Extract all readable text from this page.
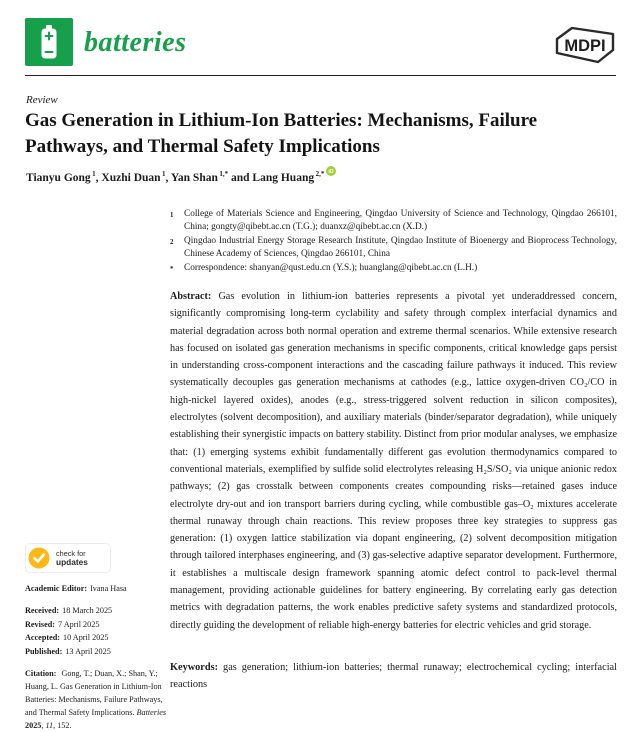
batteries	MDPI
Review
Gas Generation in Lithium-Ion Batteries: Mechanisms, Failure Pathways, and Thermal Safety Implications
Tianyu Gong $^1$, Xuzhi Duan $^1$, Yan Shan $^{1,*}$ and Lang Huang $^{2,*}$ iD
1	College of Materials Science and Engineering, Qingdao University of Science and Technology, Qingdao 266101, China; gongty@qibebt.ac.cn (T.G.); duanxz@qibebt.ac.cn (X.D.)
2	Qingdao Industrial Energy Storage Research Institute, Qingdao Institute of Bioenergy and Bioprocess Technology, Chinese Academy of Sciences, Qingdao 266101, China
*	Correspondence: shanyan@qust.edu.cn (Y.S.); huanglang@qibebt.ac.cn (L.H.)

Abstract: Gas evolution in lithium-ion batteries represents a pivotal yet underaddressed concern, significantly compromising long-term cyclability and safety through complex interfacial dynamics and material degradation across both normal operation and extreme thermal scenarios. While extensive research has focused on isolated gas generation mechanisms in specific components, critical knowledge gaps persist in understanding cross-component interactions and the cascading failure pathways it induced. This review systematically decouples gas generation mechanisms at cathodes (e.g., lattice oxygen-driven CO₂/CO in high-nickel layered oxides), anodes (e.g., stress-triggered solvent reduction in silicon composites), electrolytes (solvent decomposition), and auxiliary materials (binder/separator degradation), while uniquely establishing their synergistic impacts on battery stability. Distinct from prior modular analyses, we emphasize that: (1) emerging systems exhibit fundamentally different gas evolution thermodynamics compared to conventional materials, exemplified by sulfide solid electrolytes releasing H₂S/SO₂ via unique anionic redox pathways; (2) gas crosstalk between components creates compounding risks—retained gases induce electrolyte dry-out and ion transport barriers during cycling, while combustible gas–O₂ mixtures accelerate thermal runaway through chain reactions. This review proposes three key strategies to suppress gas generation: (1) oxygen lattice stabilization via dopant engineering, (2) solvent decomposition mitigation through tailored interphases engineering, and (3) gas-selective adaptive separator development. Furthermore, it establishes a multiscale design framework spanning atomic defect control to pack-level thermal management, providing actionable guidelines for battery engineering. By correlating early gas detection metrics with degradation patterns, the work enables predictive safety systems and standardized protocols, directly guiding the development of reliable high-energy batteries for electric vehicles and grid storage.

Keywords: gas generation; lithium-ion batteries; thermal runaway; electrochemical cycling; interfacial reactions

check for
updates
Academic Editor: Ivana Hasa
Received: 18 March 2025
Revised: 7 April 2025
Accepted: 10 April 2025
Published: 13 April 2025
Citation: Gong, T.; Duan, X.; Shan, Y.; Huang, L. Gas Generation in Lithium-Ion Batteries: Mechanisms, Failure Pathways, and Thermal Safety Implications. Batteries 2025, 11, 152.
